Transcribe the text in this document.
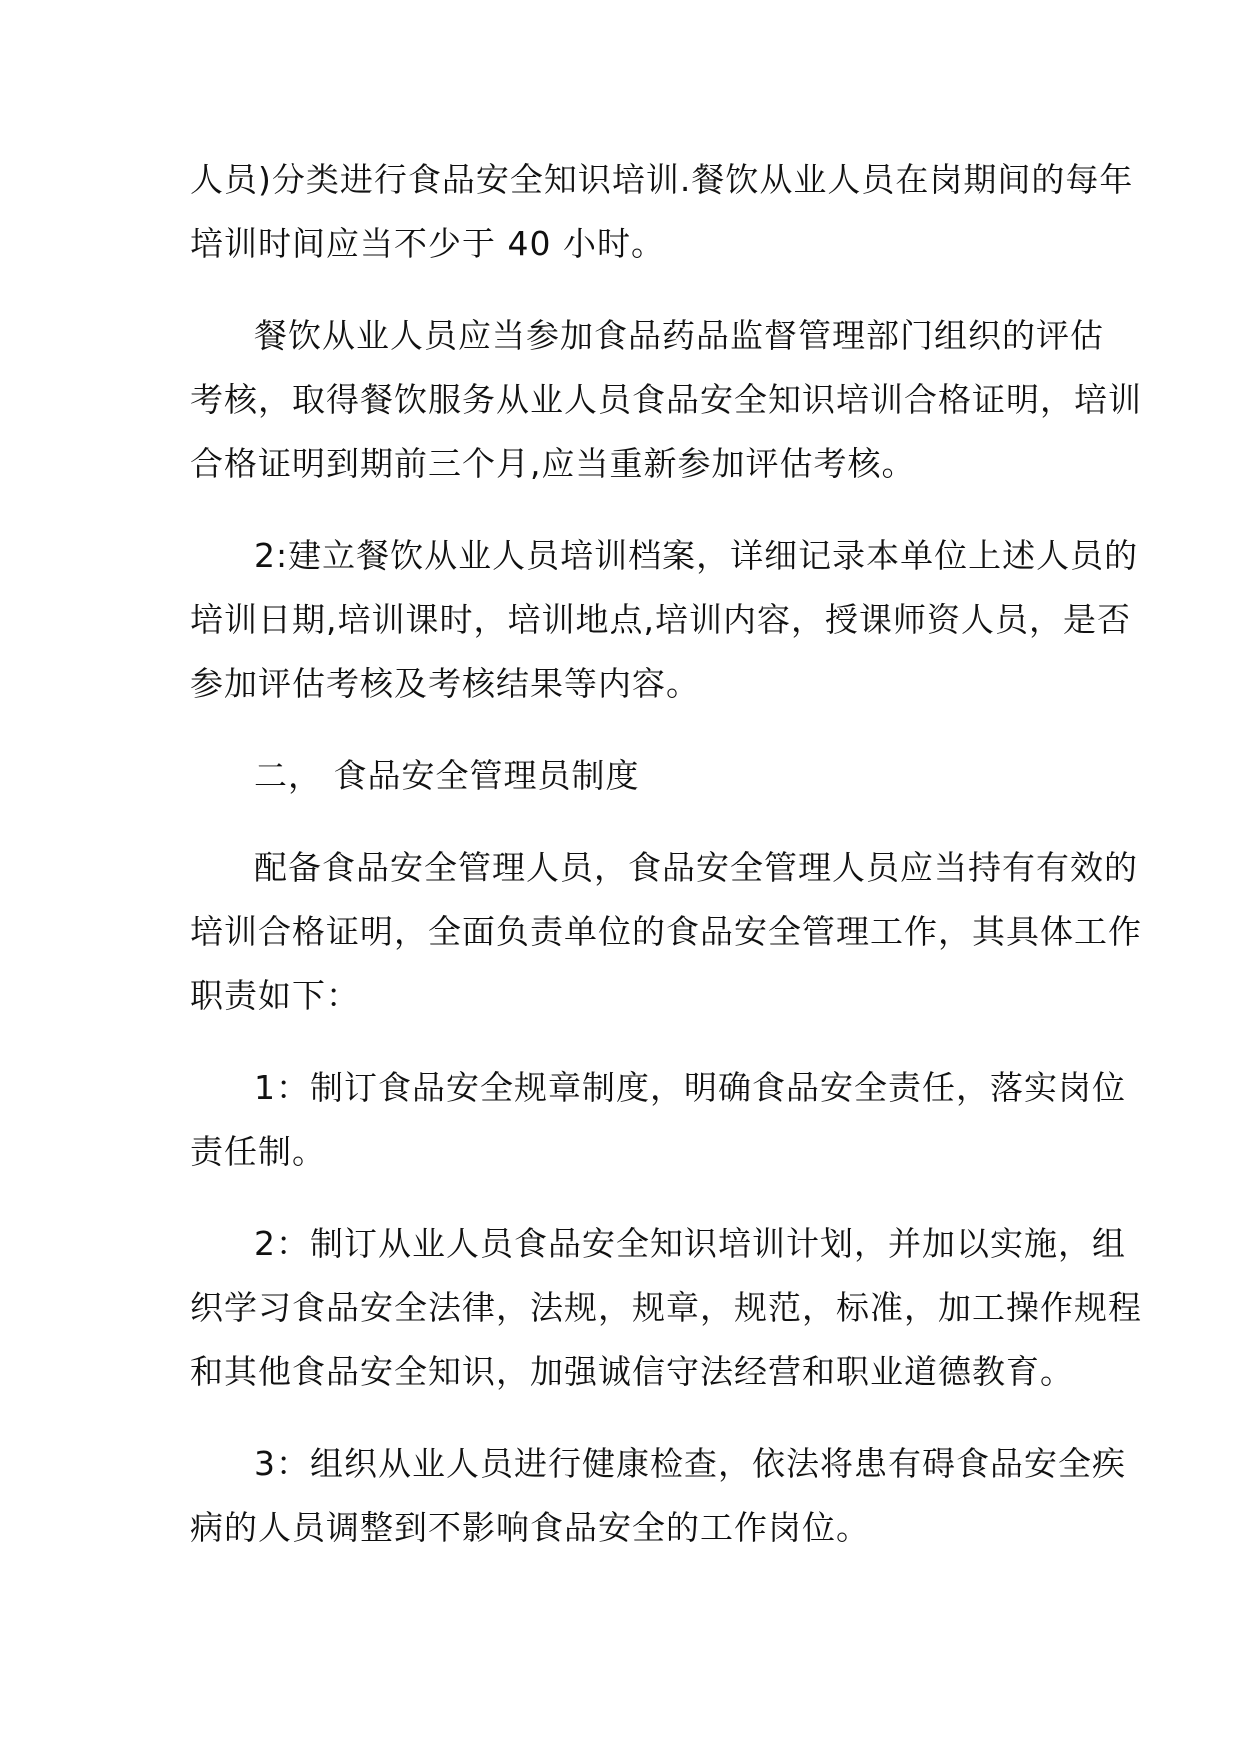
人员)分类进行食品安全知识培训.餐饮从业人员在岗期间的每年
培训时间应当不少于 40 小时。

餐饮从业人员应当参加食品药品监督管理部门组织的评估
考核，取得餐饮服务从业人员食品安全知识培训合格证明，培训
合格证明到期前三个月,应当重新参加评估考核。

2:建立餐饮从业人员培训档案，详细记录本单位上述人员的
培训日期,培训课时，培训地点,培训内容，授课师资人员，是否
参加评估考核及考核结果等内容。

二， 食品安全管理员制度

配备食品安全管理人员，食品安全管理人员应当持有有效的
培训合格证明，全面负责单位的食品安全管理工作，其具体工作
职责如下：

1：制订食品安全规章制度，明确食品安全责任，落实岗位
责任制。

2：制订从业人员食品安全知识培训计划，并加以实施，组
织学习食品安全法律，法规，规章，规范，标准，加工操作规程
和其他食品安全知识，加强诚信守法经营和职业道德教育。

3：组织从业人员进行健康检查，依法将患有碍食品安全疾
病的人员调整到不影响食品安全的工作岗位。
